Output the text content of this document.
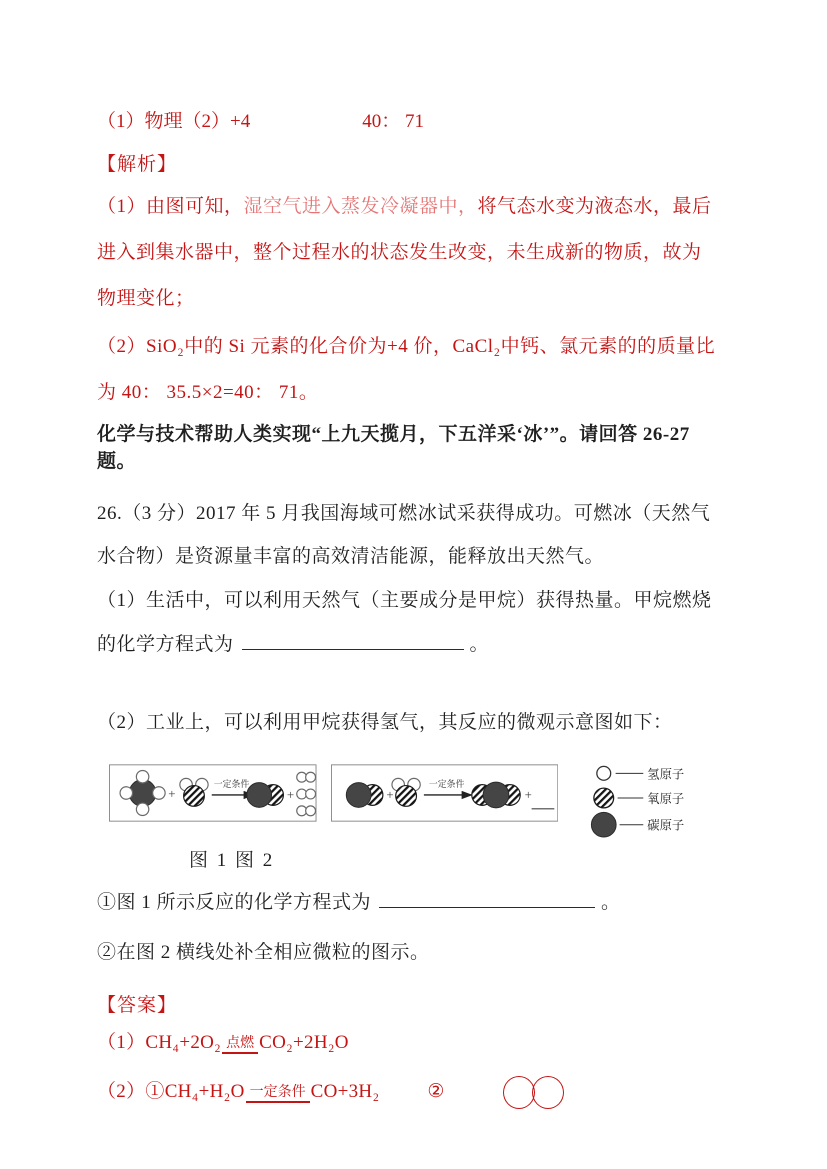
（1）物理（2）+4	40： 71
【解析】
（1）由图可知，湿空气进入蒸发冷凝器中，将气态水变为液态水，最后
进入到集水器中，整个过程水的状态发生改变，未生成新的物质，故为
物理变化；
（2）SiO₂中的 Si 元素的化合价为+4 价，CaCl₂中钙、氯元素的的质量比
为 40： 35.5×2=40： 71。
化学与技术帮助人类实现“上九天揽月，下五洋采‘冰’”。请回答 26-27
题。
26.（3 分）2017 年 5 月我国海域可燃冰试采获得成功。可燃冰（天然气
水合物）是资源量丰富的高效清洁能源，能释放出天然气。
（1）生活中，可以利用天然气（主要成分是甲烷）获得热量。甲烷燃烧
的化学方程式为	。
（2）工业上，可以利用甲烷获得氢气，其反应的微观示意图如下：
+
一定条件
+	+
一定条件
+
氢原子
氧原子
碳原子
图 1 图 2
①图 1 所示反应的化学方程式为	。
②在图 2 横线处补全相应微粒的图示。
【答案】
（1）CH₄+2O₂ 点燃 CO₂+2H₂O
（2）①CH₄+H₂O 一定条件 CO+3H₂	②
